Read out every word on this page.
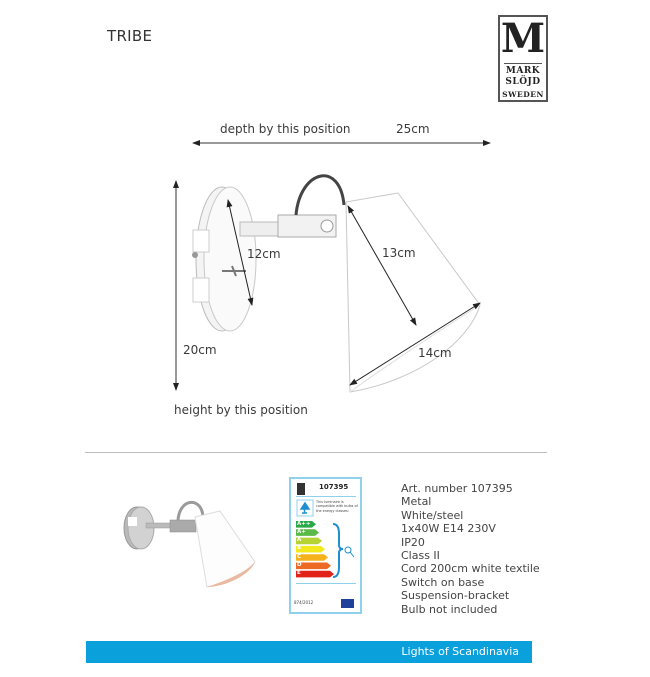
TRIBE	M
MARK
SLÖJD
SWEDEN
depth by this position	25cm
12cm	13cm
14cm
20cm
height by this position
107395
This luminaire is compatible with bulbs of the energy classes:
874/2012
A++
A+
A
B
C
D
E
Art. number 107395
Metal
White/steel
1x40W E14 230V
IP20
Class II
Cord 200cm white textile
Switch on base
Suspension-bracket
Bulb not included
Lights of Scandinavia
